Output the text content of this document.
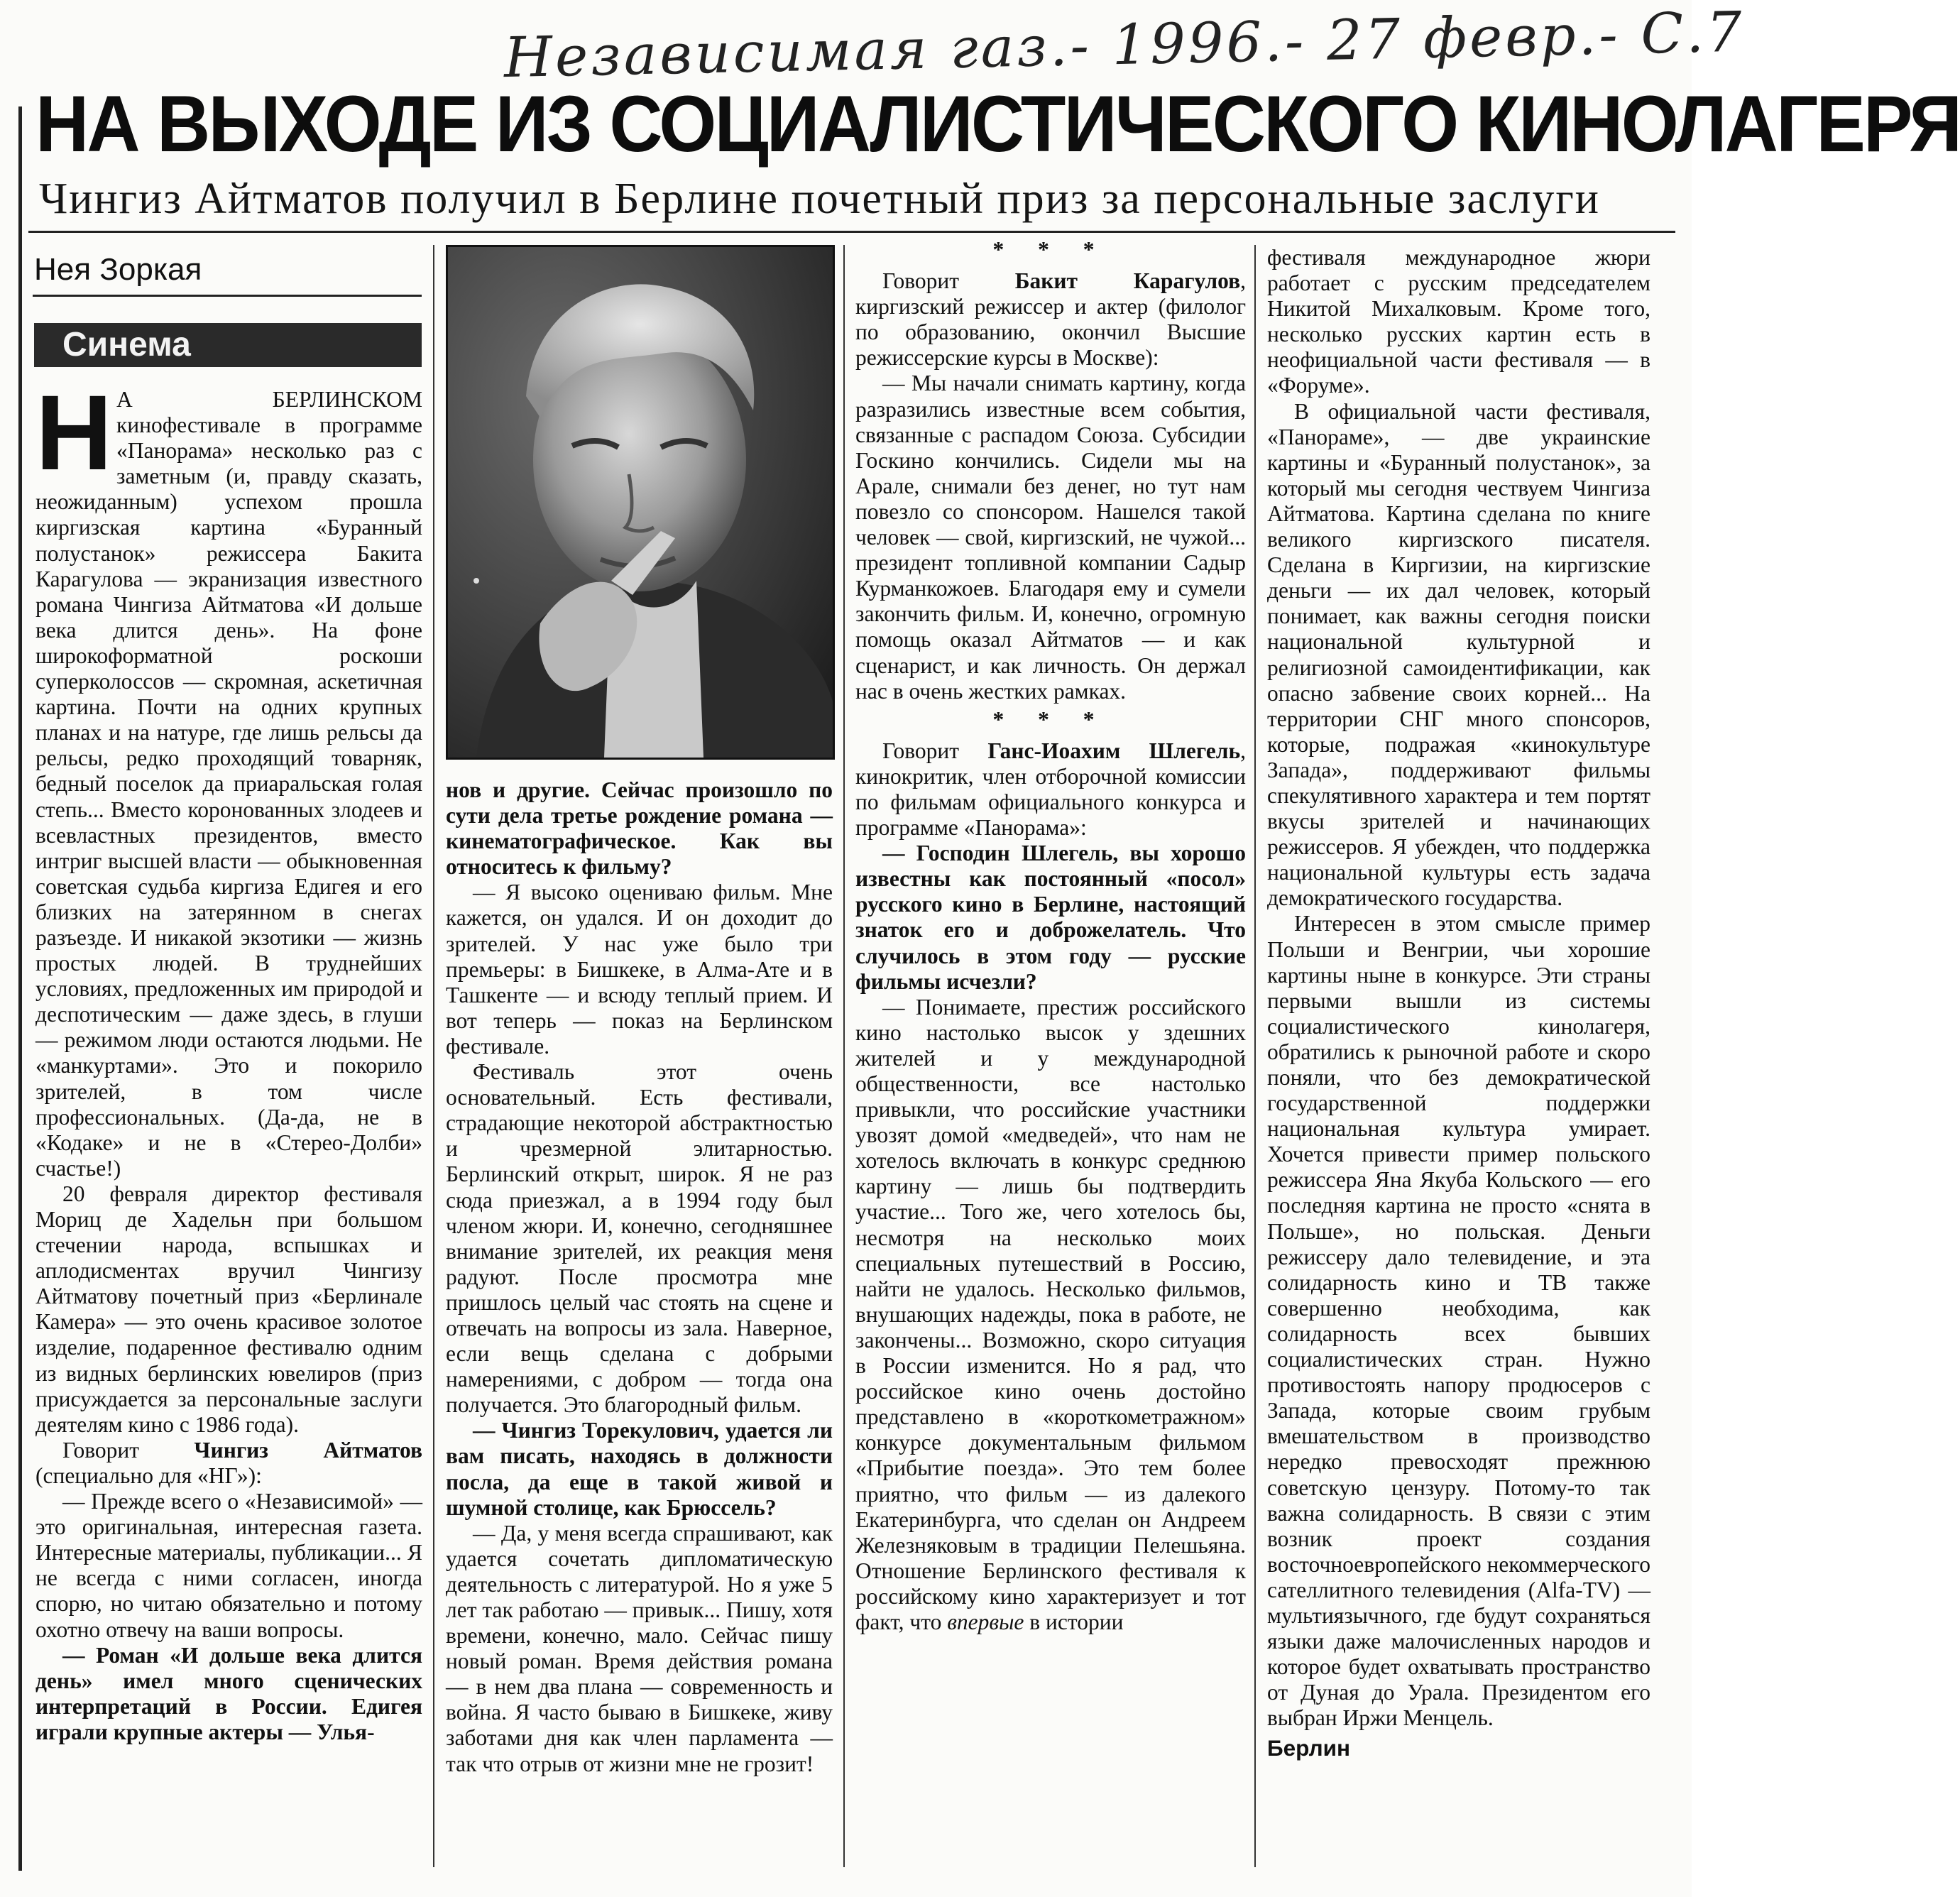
Независимая газ.- 1996.- 27 февр.- С.7
НА ВЫХОДЕ ИЗ СОЦИАЛИСТИЧЕСКОГО КИНОЛАГЕРЯ
Чингиз Айтматов получил в Берлине почетный приз за персональные заслуги
Нея Зоркая
Синема

Н А БЕРЛИНСКОМ кинофестивале в программе «Панорама» несколько раз с заметным (и, правду сказать, неожиданным) успехом прошла киргизская картина «Буранный полустанок» режиссера Бакита Карагулова — экранизация известного романа Чингиза Айтматова «И дольше века длится день». На фоне широкоформатной роскоши суперколоссов — скромная, аскетичная картина. Почти на одних крупных планах и на натуре, где лишь рельсы да рельсы, редко проходящий товарняк, бедный поселок да приаральская голая степь... Вместо коронованных злодеев и всевластных президентов, вместо интриг высшей власти — обыкновенная советская судьба киргиза Едигея и его близких на затерянном в снегах разъезде. И никакой экзотики — жизнь простых людей. В труднейших условиях, предложенных им природой и деспотическим — даже здесь, в глуши — режимом люди остаются людьми. Не «манкуртами». Это и покорило зрителей, в том числе профессиональных. (Да-да, не в «Кодаке» и не в «Стерео-Долби» счастье!)

20 февраля директор фестиваля Мориц де Хадельн при большом стечении народа, вспышках и аплодисментах вручил Чингизу Айтматову почетный приз «Берлинале Камера» — это очень красивое золотое изделие, подаренное фестивалю одним из видных берлинских ювелиров (приз присуждается за персональные заслуги деятелям кино с 1986 года).

Говорит Чингиз Айтматов (специально для «НГ»):

— Прежде всего о «Независимой» — это оригинальная, интересная газета. Интересные материалы, публикации... Я не всегда с ними согласен, иногда спорю, но читаю обязательно и потому охотно отвечу на ваши вопросы.

— Роман «И дольше века длится день» имел много сценических интерпретаций в России. Едигея играли крупные актеры — Улья-

нов и другие. Сейчас произошло по сути дела третье рождение романа — кинематографическое. Как вы относитесь к фильму?

— Я высоко оцениваю фильм. Мне кажется, он удался. И он доходит до зрителей. У нас уже было три премьеры: в Бишкеке, в Алма-Ате и в Ташкенте — и всюду теплый прием. И вот теперь — показ на Берлинском фестивале.

Фестиваль этот очень основательный. Есть фестивали, страдающие некоторой абстрактностью и чрезмерной элитарностью. Берлинский открыт, широк. Я не раз сюда приезжал, а в 1994 году был членом жюри. И, конечно, сегодняшнее внимание зрителей, их реакция меня радуют. После просмотра мне пришлось целый час стоять на сцене и отвечать на вопросы из зала. Наверное, если вещь сделана с добрыми намерениями, с добром — тогда она получается. Это благородный фильм.

— Чингиз Торекулович, удается ли вам писать, находясь в должности посла, да еще в такой живой и шумной столице, как Брюссель?

— Да, у меня всегда спрашивают, как удается сочетать дипломатическую деятельность с литературой. Но я уже 5 лет так работаю — привык... Пишу, хотя времени, конечно, мало. Сейчас пишу новый роман. Время действия романа — в нем два плана — современность и война. Я часто бываю в Бишкеке, живу заботами дня как член парламента — так что отрыв от жизни мне не грозит!

* * *

Говорит Бакит Карагулов, киргизский режиссер и актер (филолог по образованию, окончил Высшие режиссерские курсы в Москве):

— Мы начали снимать картину, когда разразились известные всем события, связанные с распадом Союза. Субсидии Госкино кончились. Сидели мы на Арале, снимали без денег, но тут нам повезло со спонсором. Нашелся такой человек — свой, киргизский, не чужой... президент топливной компании Садыр Курманкожоев. Благодаря ему и сумели закончить фильм. И, конечно, огромную помощь оказал Айтматов — и как сценарист, и как личность. Он держал нас в очень жестких рамках.

* * *

Говорит Ганс-Иоахим Шлегель, кинокритик, член отборочной комиссии по фильмам официального конкурса и программе «Панорама»:

— Господин Шлегель, вы хорошо известны как постоянный «посол» русского кино в Берлине, настоящий знаток его и доброжелатель. Что случилось в этом году — русские фильмы исчезли?

— Понимаете, престиж российского кино настолько высок у здешних жителей и у международной общественности, все настолько привыкли, что российские участники увозят домой «медведей», что нам не хотелось включать в конкурс среднюю картину — лишь бы подтвердить участие... Того же, чего хотелось бы, несмотря на несколько моих специальных путешествий в Россию, найти не удалось. Несколько фильмов, внушающих надежды, пока в работе, не закончены... Возможно, скоро ситуация в России изменится. Но я рад, что российское кино очень достойно представлено в «короткометражном» конкурсе документальным фильмом «Прибытие поезда». Это тем более приятно, что фильм — из далекого Екатеринбурга, что сделан он Андреем Железняковым в традиции Пелешьяна. Отношение Берлинского фестиваля к российскому кино характеризует и тот факт, что впервые в истории

фестиваля международное жюри работает с русским председателем Никитой Михалковым. Кроме того, несколько русских картин есть в неофициальной части фестиваля — в «Форуме».

В официальной части фестиваля, «Панораме», — две украинские картины и «Буранный полустанок», за который мы сегодня чествуем Чингиза Айтматова. Картина сделана по книге великого киргизского писателя. Сделана в Киргизии, на киргизские деньги — их дал человек, который понимает, как важны сегодня поиски национальной культурной и религиозной самоидентификации, как опасно забвение своих корней... На территории СНГ много спонсоров, которые, подражая «кинокультуре Запада», поддерживают фильмы спекулятивного характера и тем портят вкусы зрителей и начинающих режиссеров. Я убежден, что поддержка национальной культуры есть задача демократического государства.

Интересен в этом смысле пример Польши и Венгрии, чьи хорошие картины ныне в конкурсе. Эти страны первыми вышли из системы социалистического кинолагеря, обратились к рыночной работе и скоро поняли, что без демократической государственной поддержки национальная культура умирает. Хочется привести пример польского режиссера Яна Якуба Кольского — его последняя картина не просто «снята в Польше», но польская. Деньги режиссеру дало телевидение, и эта солидарность кино и ТВ также совершенно необходима, как солидарность всех бывших социалистических стран. Нужно противостоять напору продюсеров с Запада, которые своим грубым вмешательством в производство нередко превосходят прежнюю советскую цензуру. Потому-то так важна солидарность. В связи с этим возник проект создания восточноевропейского некоммерческого сателлитного телевидения (Alfa-TV) — мультиязычного, где будут сохраняться языки даже малочисленных народов и которое будет охватывать пространство от Дуная до Урала. Президентом его выбран Иржи Менцель.

Берлин
